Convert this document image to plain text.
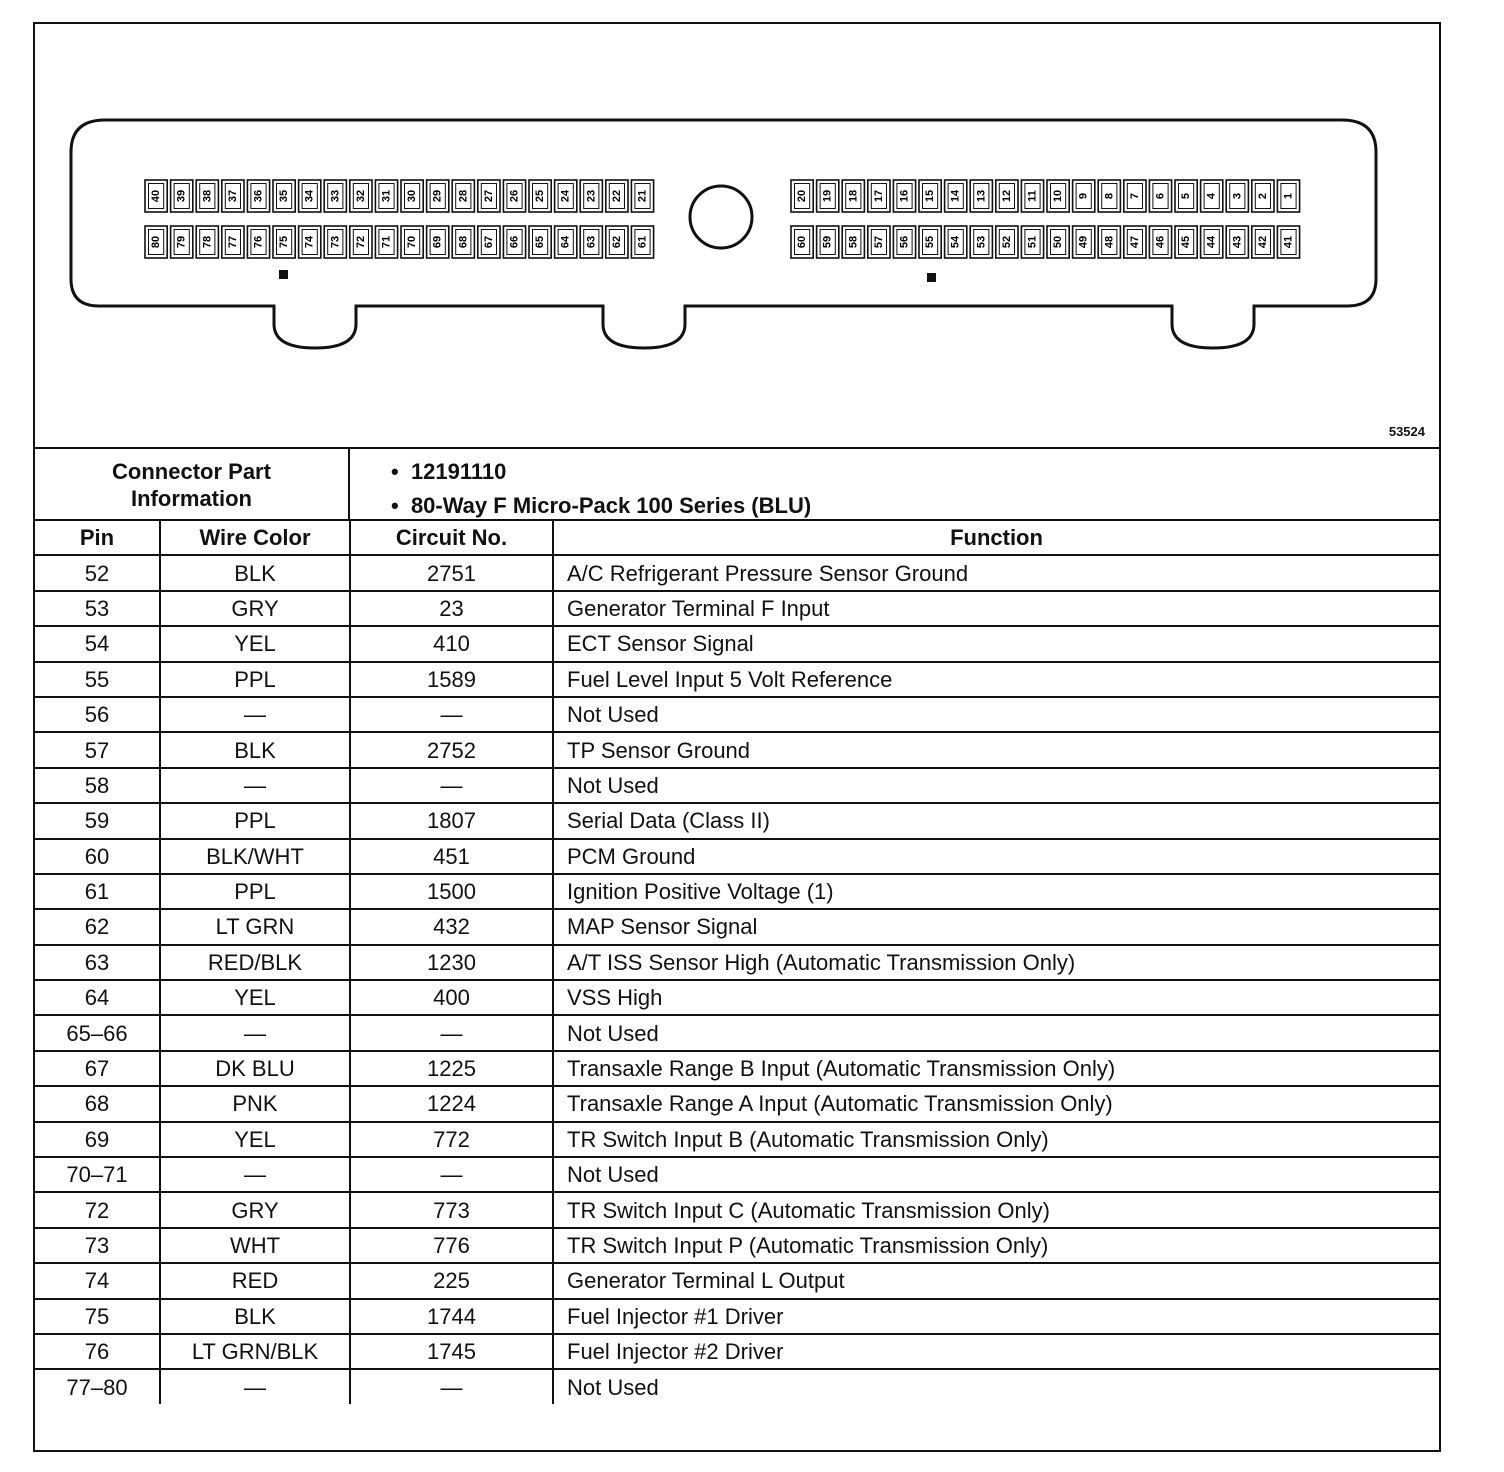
40 39 38 37 36 35 34 33 32 31 30 29 28 27 26 25 24 23 22 21
80 79 78 77 76 75 74 73 72 71 70 69 68 67 66 65 64 63 62 61
20 19 18 17 16 15 14 13 12 11 10 9 8 7 6 5 4 3 2 1
60 59 58 57 56 55 54 53 52 51 50 49 48 47 46 45 44 43 42 41
53524
Connector Part Information
•  12191110
•  80-Way F Micro-Pack 100 Series (BLU)
Pin	Wire Color	Circuit No.	Function
52	BLK	2751	A/C Refrigerant Pressure Sensor Ground
53	GRY	23	Generator Terminal F Input
54	YEL	410	ECT Sensor Signal
55	PPL	1589	Fuel Level Input 5 Volt Reference
56	—	—	Not Used
57	BLK	2752	TP Sensor Ground
58	—	—	Not Used
59	PPL	1807	Serial Data (Class II)
60	BLK/WHT	451	PCM Ground
61	PPL	1500	Ignition Positive Voltage (1)
62	LT GRN	432	MAP Sensor Signal
63	RED/BLK	1230	A/T ISS Sensor High (Automatic Transmission Only)
64	YEL	400	VSS High
65–66	—	—	Not Used
67	DK BLU	1225	Transaxle Range B Input (Automatic Transmission Only)
68	PNK	1224	Transaxle Range A Input (Automatic Transmission Only)
69	YEL	772	TR Switch Input B (Automatic Transmission Only)
70–71	—	—	Not Used
72	GRY	773	TR Switch Input C (Automatic Transmission Only)
73	WHT	776	TR Switch Input P (Automatic Transmission Only)
74	RED	225	Generator Terminal L Output
75	BLK	1744	Fuel Injector #1 Driver
76	LT GRN/BLK	1745	Fuel Injector #2 Driver
77–80	—	—	Not Used
